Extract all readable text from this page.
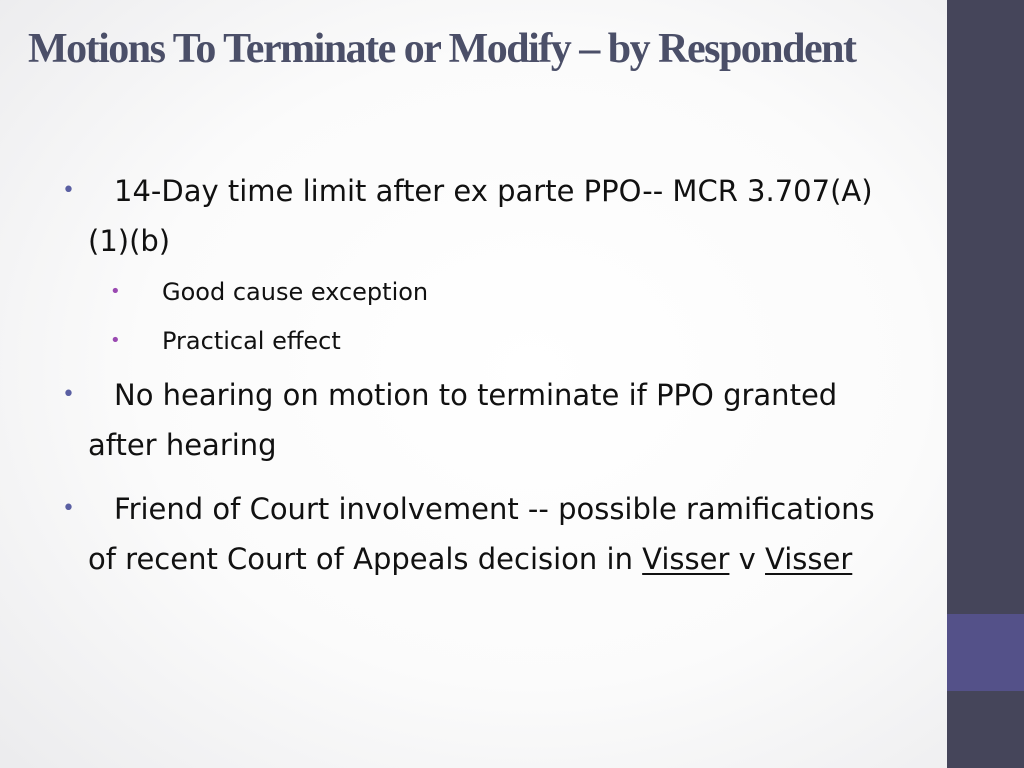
Motions To Terminate or Modify – by Respondent
• 14-Day time limit after ex parte PPO-- MCR 3.707(A)(1)(b)
• Good cause exception
• Practical effect
• No hearing on motion to terminate if PPO granted after hearing
• Friend of Court involvement -- possible ramifications of recent Court of Appeals decision in Visser v Visser
